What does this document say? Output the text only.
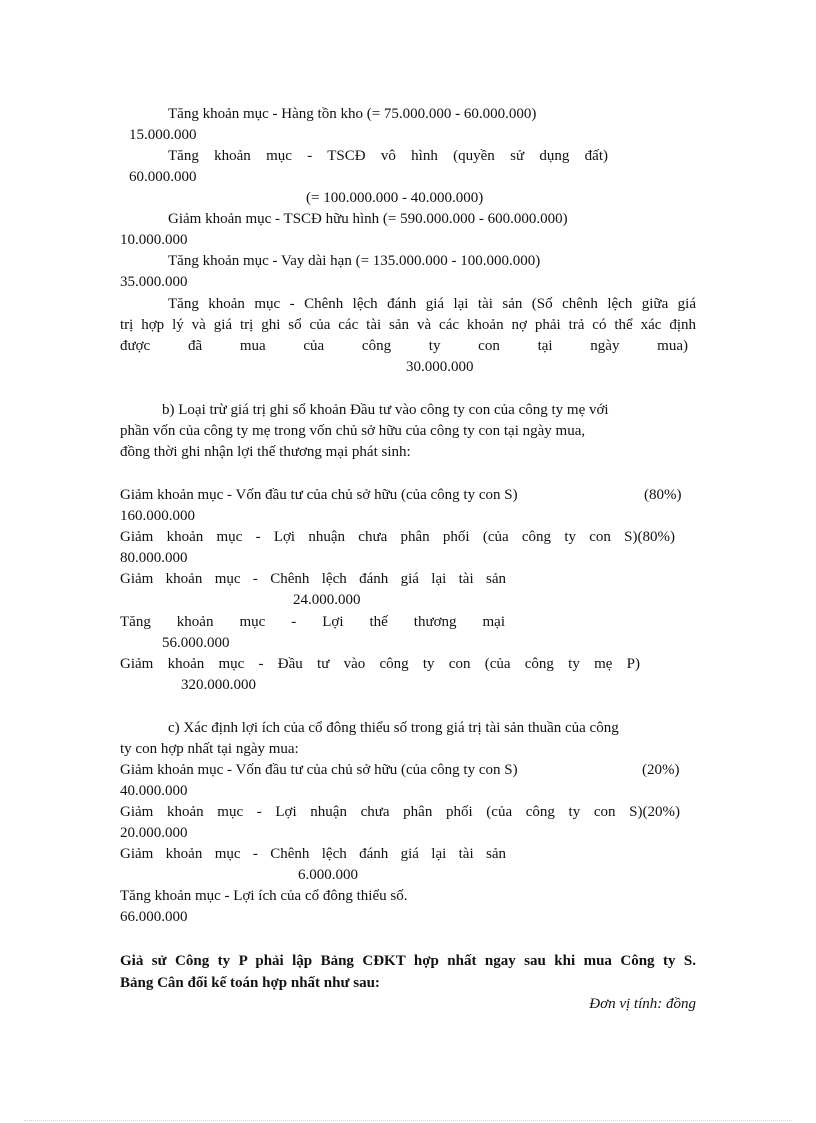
Tăng khoản mục - Hàng tồn kho (= 75.000.000 - 60.000.000)
15.000.000
Tăng khoản mục - TSCĐ vô hình (quyền sử dụng đất)
60.000.000
(= 100.000.000 - 40.000.000)
Giảm khoản mục - TSCĐ hữu hình (= 590.000.000 - 600.000.000)
10.000.000
Tăng khoản mục - Vay dài hạn (= 135.000.000 - 100.000.000)
35.000.000
Tăng khoản mục - Chênh lệch đánh giá lại tài sản (Số chênh lệch giữa giá
trị hợp lý và giá trị ghi sổ của các tài sản và các khoản nợ phải trả có thể xác định
được đã mua của công ty con tại ngày mua)
30.000.000
b) Loại trừ giá trị ghi sổ khoản Đầu tư vào công ty con của công ty mẹ với
phần vốn của công ty mẹ trong vốn chủ sở hữu của công ty con tại ngày mua,
đồng thời ghi nhận lợi thế thương mại phát sinh:
Giảm khoản mục - Vốn đầu tư của chủ sở hữu (của công ty con S)	(80%)
160.000.000
Giảm khoản mục - Lợi nhuận chưa phân phối (của công ty con S)(80%)
80.000.000
Giảm khoản mục - Chênh lệch đánh giá lại tài sản
24.000.000
Tăng khoản mục - Lợi thế thương mại
56.000.000
Giảm khoản mục - Đầu tư vào công ty con (của công ty mẹ P)
320.000.000
c) Xác định lợi ích của cổ đông thiểu số trong giá trị tài sản thuần của công
ty con hợp nhất tại ngày mua:
Giảm khoản mục - Vốn đầu tư của chủ sở hữu (của công ty con S)	(20%)
40.000.000
Giảm khoản mục - Lợi nhuận chưa phân phối (của công ty con S)(20%)
20.000.000
Giảm khoản mục - Chênh lệch đánh giá lại tài sản
6.000.000
Tăng khoản mục - Lợi ích của cổ đông thiểu số.
66.000.000
Giả sử Công ty P phải lập Bảng CĐKT hợp nhất ngay sau khi mua Công ty S.
Bảng Cân đối kế toán hợp nhất như sau:
Đơn vị tính: đồng
